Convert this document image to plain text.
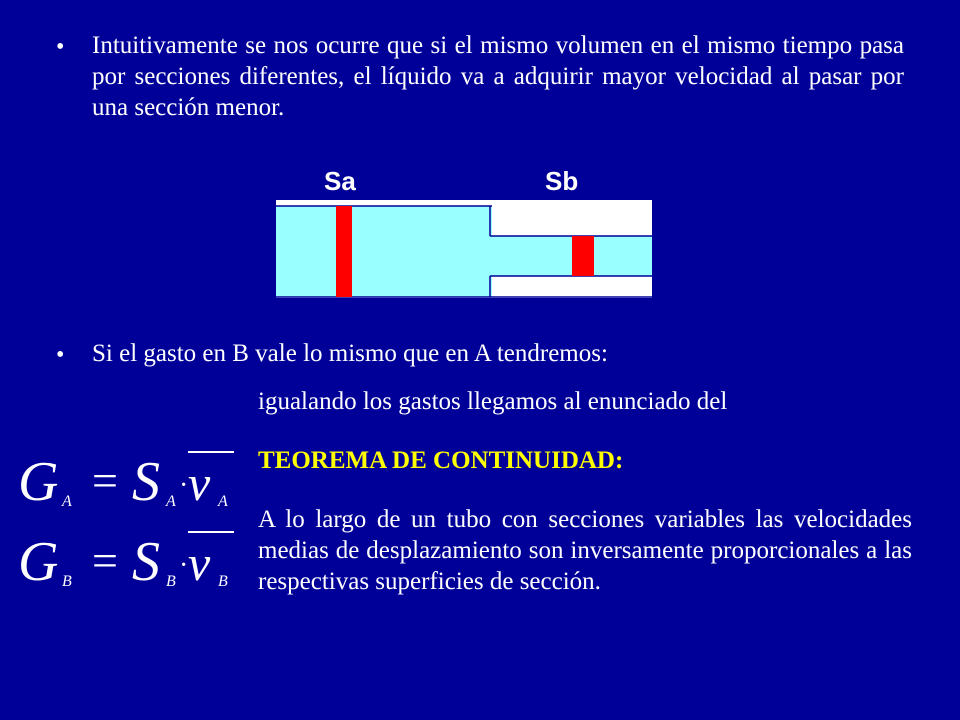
• Intuitivamente se nos ocurre que si el mismo volumen en el mismo tiempo pasa por secciones diferentes, el líquido va a adquirir mayor velocidad al pasar por una sección menor.
Sa	Sb
• Si el gasto en B vale lo mismo que en A tendremos:
igualando los gastos llegamos al enunciado del
TEOREMA DE CONTINUIDAD:
A lo largo de un tubo con secciones variables las velocidades medias de desplazamiento son inversamente proporcionales a las respectivas superficies de sección.
G A = S A
· v A
G B = S B
· v B
